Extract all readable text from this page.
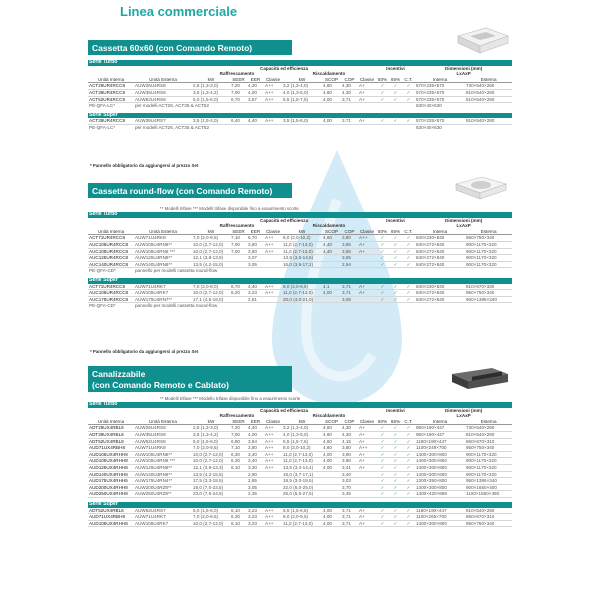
Linea commerciale
Cassetta 60x60 (con Comando Remoto)
Serie Turbo														
		Capacità ed efficienza								Incentivi			Dimensioni (mm)	
		Raffrescamento				Riscaldamento							LxAxP	
Unità Interna	Unità Esterna	kW	SEER	EER	Classe	kW	SCOP	COP	Classe	50%	65%	C.T.	Interna	Esterna
ACT26UR4RCC8	AUW26U4RS8	2,6 (1,3-3,0)	7,20	4,20	A++	3,2 (1,3-4,0)	4,60	4,30	A+	✓	✓	✓	570×235×570	730×540×260
ACT35UR4RCC8	AUW35U4RS8	3,5 (1,3-4,2)	7,00	4,00	A++	4,0 (1,3-5,0)	4,60	4,30	A+	✓	✓	✓	570×235×570	810×540×280
ACT52UR4RCC8	AUW52U4RS8	5,0 (1,5-6,0)	6,70	3,67	A++	5,5 (1,5-7,5)	4,00	3,71	A+	✓	✓	✓	570×235×570	810×540×280
PE-QFA-LC*	per modelli ACT26, ACT35 & ACT52												630×40×630	

Serie Super														
ACT35UR4RCC8	AUW35U4RS7	3,5 (1,5-4,0)	6,40	4,40	A++	3,5 (1,5-6,0)	4,00	3,71	A+	✓	✓	✓	570×235×570	810×540×280
PE-QFA-LC*	per modelli ACT26, ACT35 & ACT52												630×40×630	
* Pannello obbligatorio da aggiungersi al prezzo Set
Cassetta round-flow (con Comando Remoto)
** Modelli trifase *** Modelli trifase disponibile fino a esaurimento scorte
Serie Turbo														
		Capacità ed efficienza								Incentivi			Dimensioni (mm)	
		Raffrescamento				Riscaldamento							LxAxP	
Unità Interna	Unità Esterna	kW	SEER	EER	Classe	kW	SCOP	COP	Classe	50%	65%	C.T.	Interna	Esterna
ACT71UR4RCC8	AUW71U4RK8	7,0 (2,0-9,5)	7,10	6,70	A++	6,0 (2,0-10,2)	4,60	3,80	A++	✓	✓	✓	840×230×840	950×750×340
AUC105UR4RCC8	AUW105U4RN8**	10,0 (2,7-12,0)	7,00	3,80	A++	11,0 (2,7-13,0)	4,40	3,85	A+	✓	✓	✓	840×272×840	900×1170×320
AUC105UR4RCC8	AUW105U4RN8 ***	10,0 (2,7-12,0)	7,00	3,80	A++	11,0 (2,7-13,0)	4,40	3,85	A+	✓	✓	✓	840×272×840	900×1170×320
AUC125UR4RCC8	AUW125U4RN8**	12,1 (3,8-13,9)		3,07		13,5 (3,5-14,5)		3,65		✓	✓	✓	840×272×840	900×1170×320
AUC140UR4RCC8	AUW140U4RN8**	13,5 (4,2-15,0)		3,05		16,0 (3,6-17,2)		2,94		✓	✓	✓	840×272×840	900×1170×320
PE-QFA-CD*	pannello per modelli cassetta round-flow													

Serie Super														
ACT71UR4RCC8	AUW71U4RK7	7,0 (2,0-8,0)	6,70	4,40	A++	8,0 (2,0-9,5)	4,1	3,71	A+	✓	✓	✓	840×230×840	810×670×330
AUC105UR4RCC8	AUW105U4RK7	10,0 (2,7-12,0)	6,20	3,23	A++	11,0 (2,7-13,0)	4,00	3,71	A+	✓	✓	✓	840×272×840	950×750×340
AUC175UR4RCC8	AUW175U4RN7**	17,1 (4,5-18,0)		2,61		20,0 (4,0-21,0)		3,05		✓	✓	✓	840×272×840	900×1386×340
PE-QFA-CD*	pannello per modelli cassetta round-flow													
* Pannello obbligatorio da aggiungersi al prezzo Set
Canalizzabile
(con Comando Remoto e Cablato)
** Modelli trifase *** Modello trifase disponibile fino a esaurimento scorte
Serie Turbo														
		Capacità ed efficienza								Incentivi			Dimensioni (mm)	
		Raffrescamento				Riscaldamento							LxAxP	
Unità Interna	Unità Esterna	kW	SEER	EER	Classe	kW	SCOP	COP	Classe	50%	65%	C.T.	Interna	Esterna
ADT26UX4RBL8	AUW26U4RS8	2,6 (1,3-3,0)	7,20	4,40	A++	3,2 (1,3-4,0)	4,60	4,30	A+	✓	✓	✓	950×190×447	730×540×260
ADT35UX4RBL8	AUW35U4RS8	3,5 (1,3-4,2)	7,00	4,00	A++	4,0 (1,3-5,0)	4,60	4,30	A+	✓	✓	✓	950×190×447	810×540×280
ADT52UX4RBL8	AUW52U4RS8	5,0 (1,5-6,0)	6,80	3,84	A++	5,5 (1,5-7,5)	4,60	4,15	A+	✓	✓	✓	1180×190×447	860×670×310
AUD71UX4RBH8	AUW71U4RK8	7,0 (2,0-9,5)	7,10	3,80	A++	8,0 (2,0-10,2)	4,60	3,80	A++	✓	✓	✓	1100×249×700	950×750×340
AUD105UX4RHH8	AUW105U4RN8**	10,0 (2,7-12,0)	6,30	3,40	A++	11,0 (2,7-13,0)	4,00	3,80	A+	✓	✓	✓	1400×300×800	900×1170×320
AUD105UX4RHH8	AUW105U4RN8 ***	10,0 (2,7-12,0)	6,30	3,40	A++	11,0 (2,7-13,0)	4,00	3,80	A+	✓	✓	✓	1400×300×800	900×1170×320
AUD125UX4RHH8	AUW125U4RN8**	12,1 (3,9-13,3)	6,10	3,30	A++	13,5 (3,4-14,4)	4,00	3,41	A+	✓	✓	✓	1400×300×800	900×1170×320
AUD140UX4RHH8	AUW140U4RN8**	13,5 (4,2-15,5)		2,90		16,0 (3,7-17,1)		3,40		✓	✓	✓	1400×300×800	900×1170×320
AUD175UX4RHH5	AUW175U4RN4**	17,5 (3,3-18,5)		2,85		18,5 (3,0-19,5)		3,03		✓	✓	✓	1300×350×800	950×1386×340
AUD200UX4RHH8	AUW200U4RZ8**	19,0 (7,0-23,5)		3,05		22,0 (6,0-25,0)		3,70		✓	✓	✓	1400×300×800	900×1650×400
AUD250UX4RHH8	AUW250U4RZ8**	23,0 (7,5-24,5)		2,35		25,0 (6,5-27,5)		3,45		✓	✓	✓	1400×420×858	1100×1650×390

Serie Super														
ADT52UX4RBL8	AUW52U4RS7	5,0 (1,5-6,0)	6,10	3,23	A++	5,5 (1,5-6,5)	4,00	3,71	A+	✓	✓	✓	1180×190×447	810×540×280
AUD71UX4RBH8	AUW71U4RK7	7,0 (2,0-8,5)	6,30	3,23	A++	8,0 (2,0-9,5)	4,00	3,71	A+	✓	✓	✓	1100×265×700	860×670×310
AUD105UX4RHH8	AUW105U4RK7	10,0 (2,7-12,0)	6,10	3,23	A++	11,0 (2,7-13,0)	4,00	3,71	A+	✓	✓	✓	1400×300×800	950×750×340
